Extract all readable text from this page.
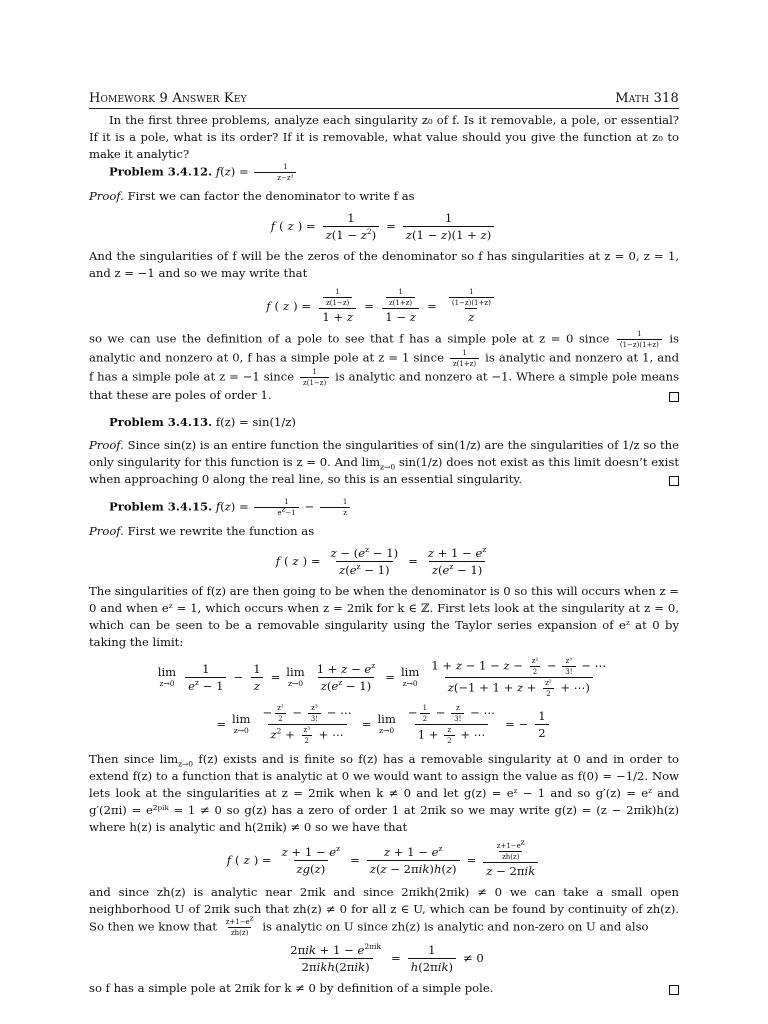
Homework 9 Answer Key	Math 318

In the first three problems, analyze each singularity z₀ of f. Is it removable, a pole, or essential? If it is a pole, what is its order? If it is removable, what value should you give the function at z₀ to make it analytic?

Problem 3.4.12. $f(z) = \frac{1}{\text{z−z³}}$

Proof. First we can factor the denominator to write f as

f ( z ) = $\frac{1}{z(1 - z^2)} = \frac{1}{z(1 - z)(1 + z)}$

And the singularities of f will be the zeros of the denominator so f has singularities at z = 0, z = 1, and z = −1 and so we may write that

f ( z ) = $\frac{\frac{1}{z(1-z)}}{1 + z} = \frac{\frac{1}{z(1+z)}}{1 - z} = \frac{\frac{1}{(1-z)(1+z)}}{z}$

so we can use the definition of a pole to see that f has a simple pole at z = 0 since $\frac{1}{(1-z)(1+z)}$ is analytic and nonzero at 0, f has a simple pole at z = 1 since $\frac{1}{z(1+z)}$ is analytic and nonzero at 1, and f has a simple pole at z = −1 since $\frac{1}{z(1-z)}$ is analytic and nonzero at −1. Where a simple pole means that these are poles of order 1.

Problem 3.4.13. f(z) = sin(1/z)

Proof. Since sin(z) is an entire function the singularities of sin(1/z) are the singularities of 1/z so the only singularity for this function is z = 0. And $\lim_{z\to 0} \sin(1/z)$ does not exist as this limit doesn’t exist when approaching 0 along the real line, so this is an essential singularity.

Problem 3.4.15. $f(z) = \frac{1}{e^z-1} - \frac{1}{z}$

Proof. First we rewrite the function as

f ( z ) = $\frac{z - (e^z - 1)}{z(e^z - 1)} = \frac{z + 1 - e^z}{z(e^z - 1)}$

The singularities of f(z) are then going to be when the denominator is 0 so this will occurs when z = 0 and when eᶻ = 1, which occurs when z = 2πik for k ∈ ℤ. First lets look at the singularity at z = 0, which can be seen to be a removable singularity using the Taylor series expansion of eᶻ at 0 by taking the limit:

lim
$z\to 0 \frac{1}{e^z - 1} - \frac{1}{z} = \lim$
$z\to 0 \frac{1 + z - e^z}{z(e^z - 1)} = \lim$
$z\to 0 \frac{1 + z - 1 - z - \frac{\text{z²}}{2} - \frac{\text{z³}}{3!} - \cdots}{z(-1 + 1 + z + \frac{\text{z²}}{2} + \cdots)}$
= lim
$z\to 0 \frac{- \frac{\text{z²}}{2} - \frac{\text{z³}}{3!} - \cdots}{z^2 + \frac{\text{z³}}{2} + \cdots} = \lim$
$z\to 0 \frac{- \frac{1}{2} - \frac{z}{3!} - \cdots}{1 + \frac{z}{2} + \cdots}$ = − $\frac{1}{2}$

Then since $\lim_{z\to 0} f(z)$ exists and is finite so f(z) has a removable singularity at 0 and in order to extend f(z) to a function that is analytic at 0 we would want to assign the value as f(0) = −1/2. Now lets look at the singularities at z = 2πik when k ≠ 0 and let g(z) = eᶻ − 1 and so g′(z) = eᶻ and g′(2πi) = e²ᵖⁱᵏ = 1 ≠ 0 so g(z) has a zero of order 1 at 2πik so we may write g(z) = (z − 2πik)h(z) where h(z) is analytic and h(2πik) ≠ 0 so we have that

f ( z ) = $\frac{z + 1 - e^z}{zg(z)} = \frac{z + 1 - e^z}{\text{z(z − 2πik)h(z)}} = \frac{\frac{z+1-e^z}{zh(z)}}{\text{z − 2πik}}$

and since zh(z) is analytic near 2πik and since 2πikh(2πik) ≠ 0 we can take a small open neighborhood U of 2πik such that zh(z) ≠ 0 for all z ∈ U, which can be found by continuity of zh(z). So then we know that $\frac{z+1-e^z}{zh(z)}$ is analytic on U since zh(z) is analytic and non-zero on U and also

$\frac{2\pi ik + 1 - e^{2\pi ik}}{\text{2πikh(2πik)}} = \frac{1}{\text{h(2πik)}} \ne 0$

so f has a simple pole at 2πik for k ≠ 0 by definition of a simple pole.
